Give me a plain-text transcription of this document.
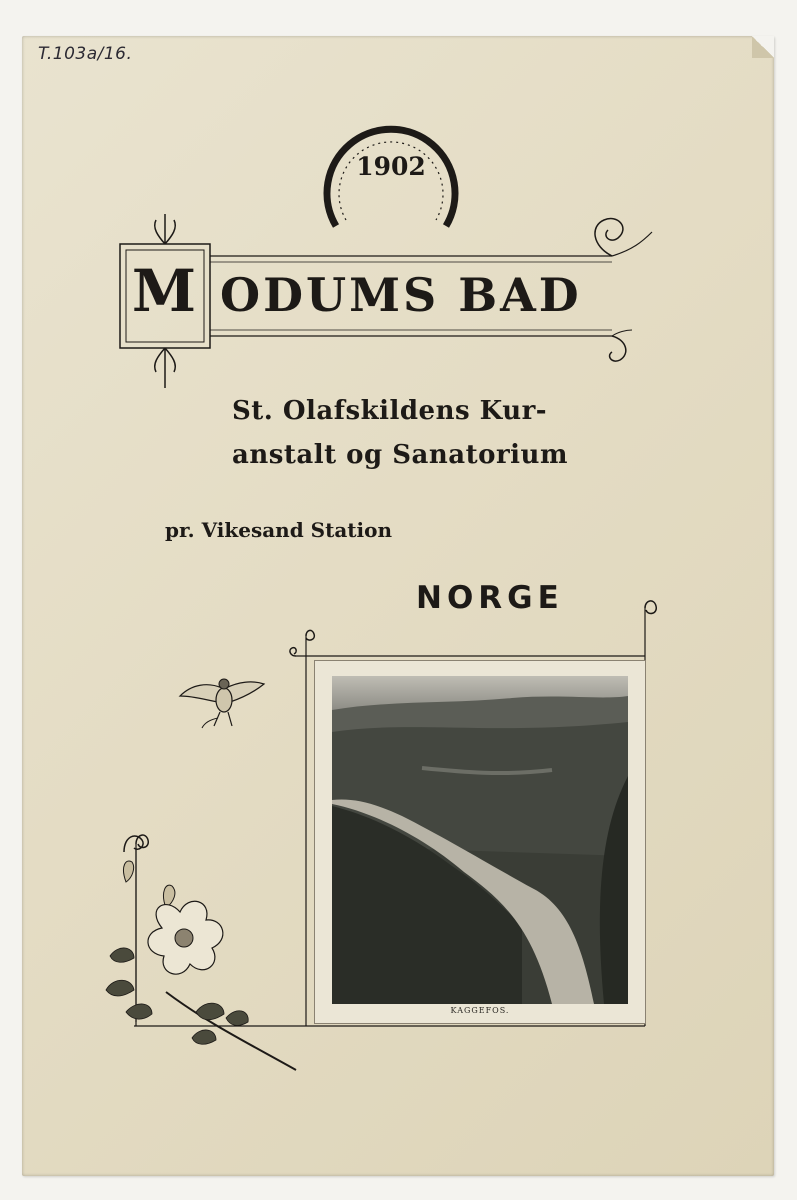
T.103a/16.
1902
M ODUMS BAD
St. Olafskildens Kur-
anstalt og Sanatorium
pr. Vikesand Station
NORGE
KAGGEFOS.
